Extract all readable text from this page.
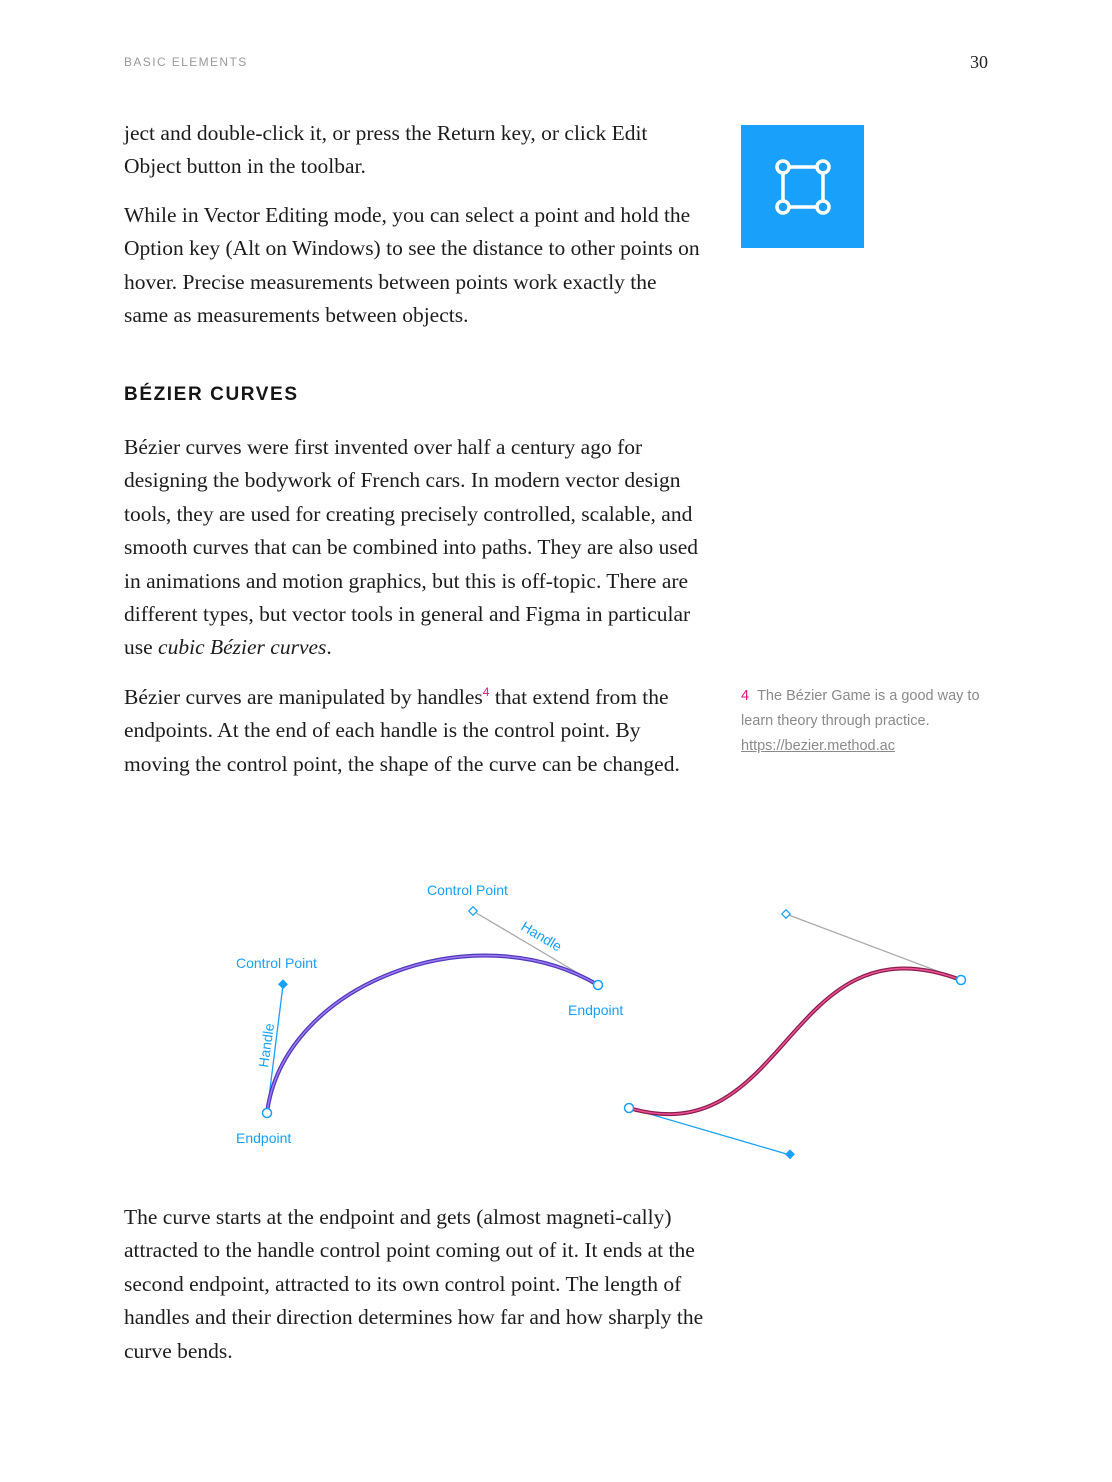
BASIC ELEMENTS	30

ject and double-click it, or press the Return key, or click Edit Object button in the toolbar.

While in Vector Editing mode, you can select a point and hold the Option key (Alt on Windows) to see the distance to other points on hover. Precise measurements between points work exactly the same as measurements between objects.

BÉZIER CURVES

Bézier curves were first invented over half a century ago for designing the bodywork of French cars. In modern vector design tools, they are used for creating precisely controlled, scalable, and smooth curves that can be combined into paths. They are also used in animations and motion graphics, but this is off-topic. There are different types, but vector tools in general and Figma in particular use cubic Bézier curves.

Bézier curves are manipulated by handles$^4$ that extend from the endpoints. At the end of each handle is the control point. By moving the control point, the shape of the curve can be changed.

4 The Bézier Game is a good way to learn theory through practice.
https://bezier.method.ac
Control Point
Control Point
Endpoint
Endpoint
Handle
Handle

The curve starts at the endpoint and gets (almost magneti-cally) attracted to the handle control point coming out of it. It ends at the second endpoint, attracted to its own control point. The length of handles and their direction determines how far and how sharply the curve bends.
